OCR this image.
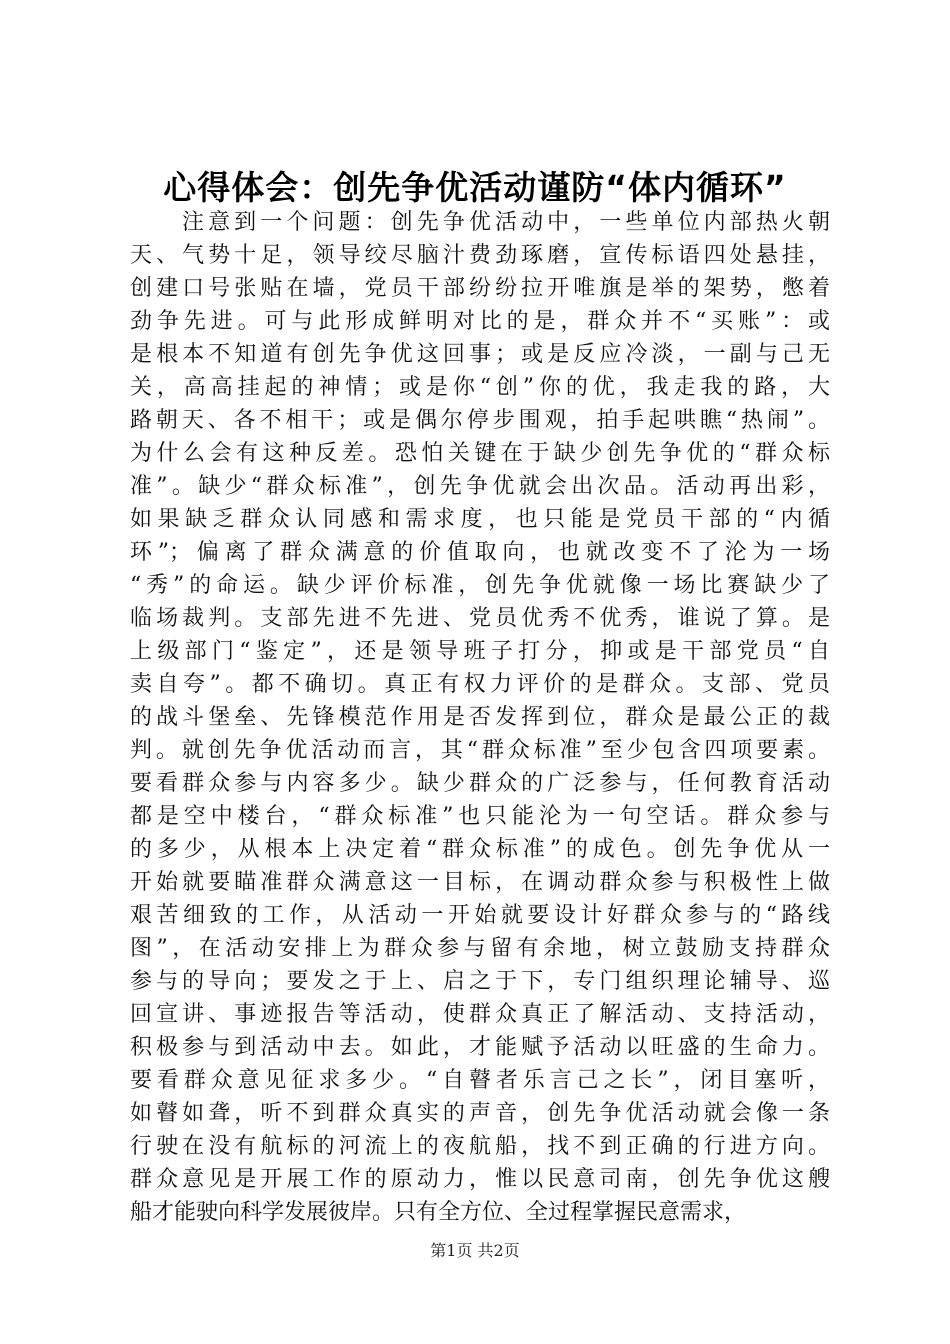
心得体会：创先争优活动谨防“体内循环”
注意到一个问题：创先争优活动中，一些单位内部热火朝
天、气势十足，领导绞尽脑汁费劲琢磨，宣传标语四处悬挂，
创建口号张贴在墙，党员干部纷纷拉开唯旗是举的架势，憋着
劲争先进。可与此形成鲜明对比的是，群众并不“买账”：或
是根本不知道有创先争优这回事；或是反应冷淡，一副与己无
关，高高挂起的神情；或是你“创”你的优，我走我的路，大
路朝天、各不相干；或是偶尔停步围观，拍手起哄瞧“热闹”。
为什么会有这种反差。恐怕关键在于缺少创先争优的“群众标
准”。缺少“群众标准”，创先争优就会出次品。活动再出彩，
如果缺乏群众认同感和需求度，也只能是党员干部的“内循
环”；偏离了群众满意的价值取向，也就改变不了沦为一场
“秀”的命运。缺少评价标准，创先争优就像一场比赛缺少了
临场裁判。支部先进不先进、党员优秀不优秀，谁说了算。是
上级部门“鉴定”，还是领导班子打分，抑或是干部党员“自
卖自夸”。都不确切。真正有权力评价的是群众。支部、党员
的战斗堡垒、先锋模范作用是否发挥到位，群众是最公正的裁
判。就创先争优活动而言，其“群众标准”至少包含四项要素。
要看群众参与内容多少。缺少群众的广泛参与，任何教育活动
都是空中楼台，“群众标准”也只能沦为一句空话。群众参与
的多少，从根本上决定着“群众标准”的成色。创先争优从一
开始就要瞄准群众满意这一目标，在调动群众参与积极性上做
艰苦细致的工作，从活动一开始就要设计好群众参与的“路线
图”，在活动安排上为群众参与留有余地，树立鼓励支持群众
参与的导向；要发之于上、启之于下，专门组织理论辅导、巡
回宣讲、事迹报告等活动，使群众真正了解活动、支持活动，
积极参与到活动中去。如此，才能赋予活动以旺盛的生命力。
要看群众意见征求多少。“自瞽者乐言己之长”，闭目塞听，
如瞽如聋，听不到群众真实的声音，创先争优活动就会像一条
行驶在没有航标的河流上的夜航船，找不到正确的行进方向。
群众意见是开展工作的原动力，惟以民意司南，创先争优这艘
船才能驶向科学发展彼岸。只有全方位、全过程掌握民意需求，
第1页 共2页
